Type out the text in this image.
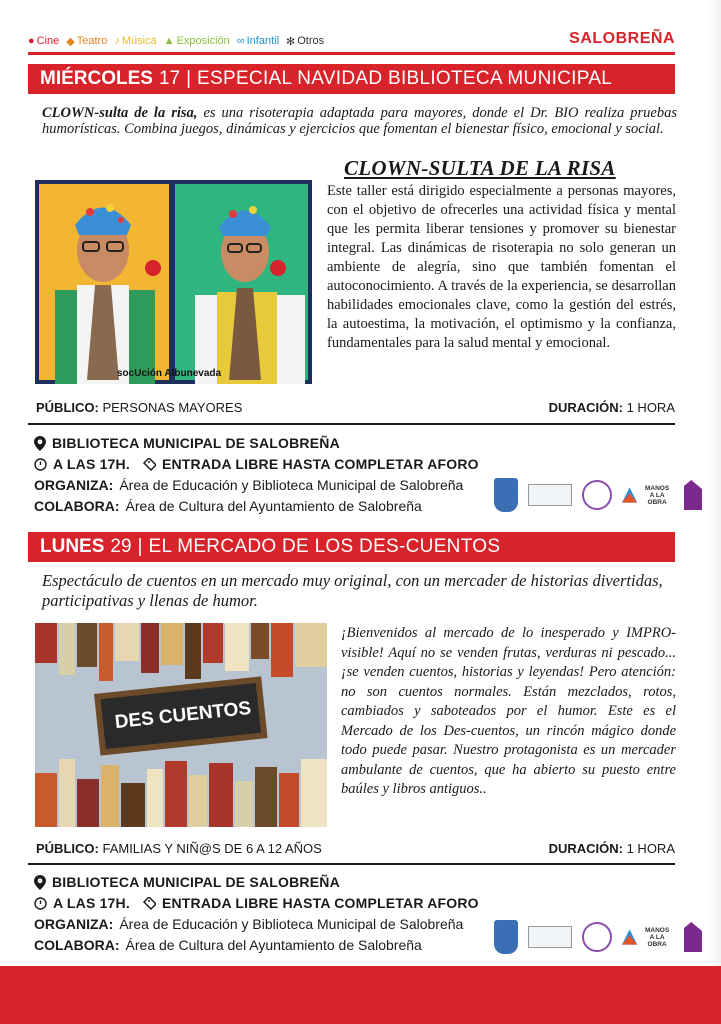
● Cine ◆ Teatro ♪ Música ▲ Exposición ∞ Infantil ✻ Otros	SALOBREÑA
MIÉRCOLES 17 | ESPECIAL NAVIDAD BIBLIOTECA MUNICIPAL
CLOWN-sulta de la risa, es una risoterapia adaptada para mayores, donde el Dr. BIO realiza pruebas humorísticas. Combina juegos, dinámicas y ejercicios que fomentan el bienestar físico, emocional y social.
socUción Albunevada
CLOWN-SULTA DE LA RISA
Este taller está dirigido especialmente a personas mayores, con el objetivo de ofrecerles una actividad física y mental que les permita liberar tensiones y promover su bienestar integral. Las dinámicas de risoterapia no solo generan un ambiente de alegría, sino que también fomentan el autoconocimiento. A través de la experiencia, se desarrollan habilidades emocionales clave, como la gestión del estrés, la autoestima, la motivación, el optimismo y la confianza, fundamentales para la salud mental y emocional.
PÚBLICO: PERSONAS MAYORES	DURACIÓN: 1 HORA
BIBLIOTECA MUNICIPAL DE SALOBREÑA
A LAS 17H. ENTRADA LIBRE HASTA COMPLETAR AFORO
ORGANIZA: Área de Educación y Biblioteca Municipal de Salobreña
COLABORA: Área de Cultura del Ayuntamiento de Salobreña
MANOS
A LA OBRA
LUNES 29 | EL MERCADO DE LOS DES-CUENTOS
Espectáculo de cuentos en un mercado muy original, con un mercader de historias divertidas, participativas y llenas de humor.
DES CUENTOS
¡Bienvenidos al mercado de lo inesperado y IMPRO-visible! Aquí no se venden frutas, verduras ni pescado... ¡se venden cuentos, historias y leyendas! Pero atención: no son cuentos normales. Están mezclados, rotos, cambiados y saboteados por el humor. Este es el Mercado de los Des-cuentos, un rincón mágico donde todo puede pasar. Nuestro protagonista es un mercader ambulante de cuentos, que ha abierto su puesto entre baúles y libros antiguos..
PÚBLICO: FAMILIAS Y NIÑ@S DE 6 A 12 AÑOS	DURACIÓN: 1 HORA
BIBLIOTECA MUNICIPAL DE SALOBREÑA
A LAS 17H. ENTRADA LIBRE HASTA COMPLETAR AFORO
ORGANIZA: Área de Educación y Biblioteca Municipal de Salobreña
COLABORA: Área de Cultura del Ayuntamiento de Salobreña
MANOS
A LA OBRA
